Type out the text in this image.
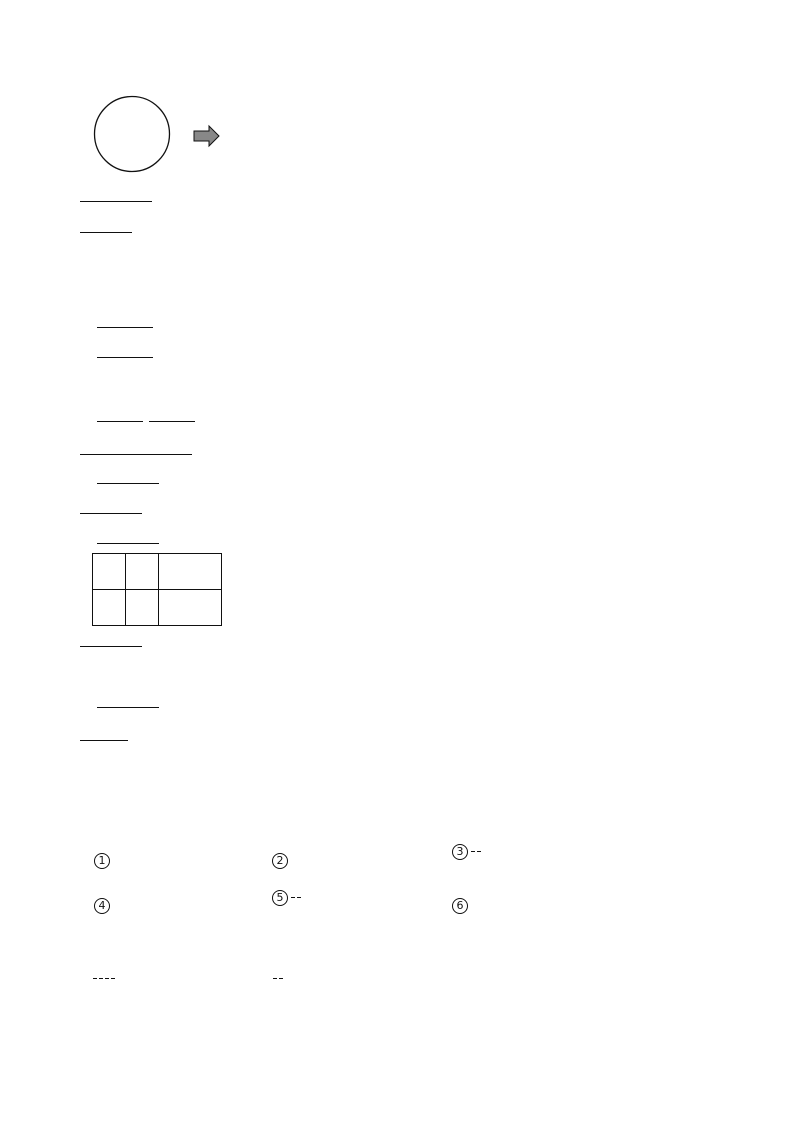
1	2
3
4
5
6
